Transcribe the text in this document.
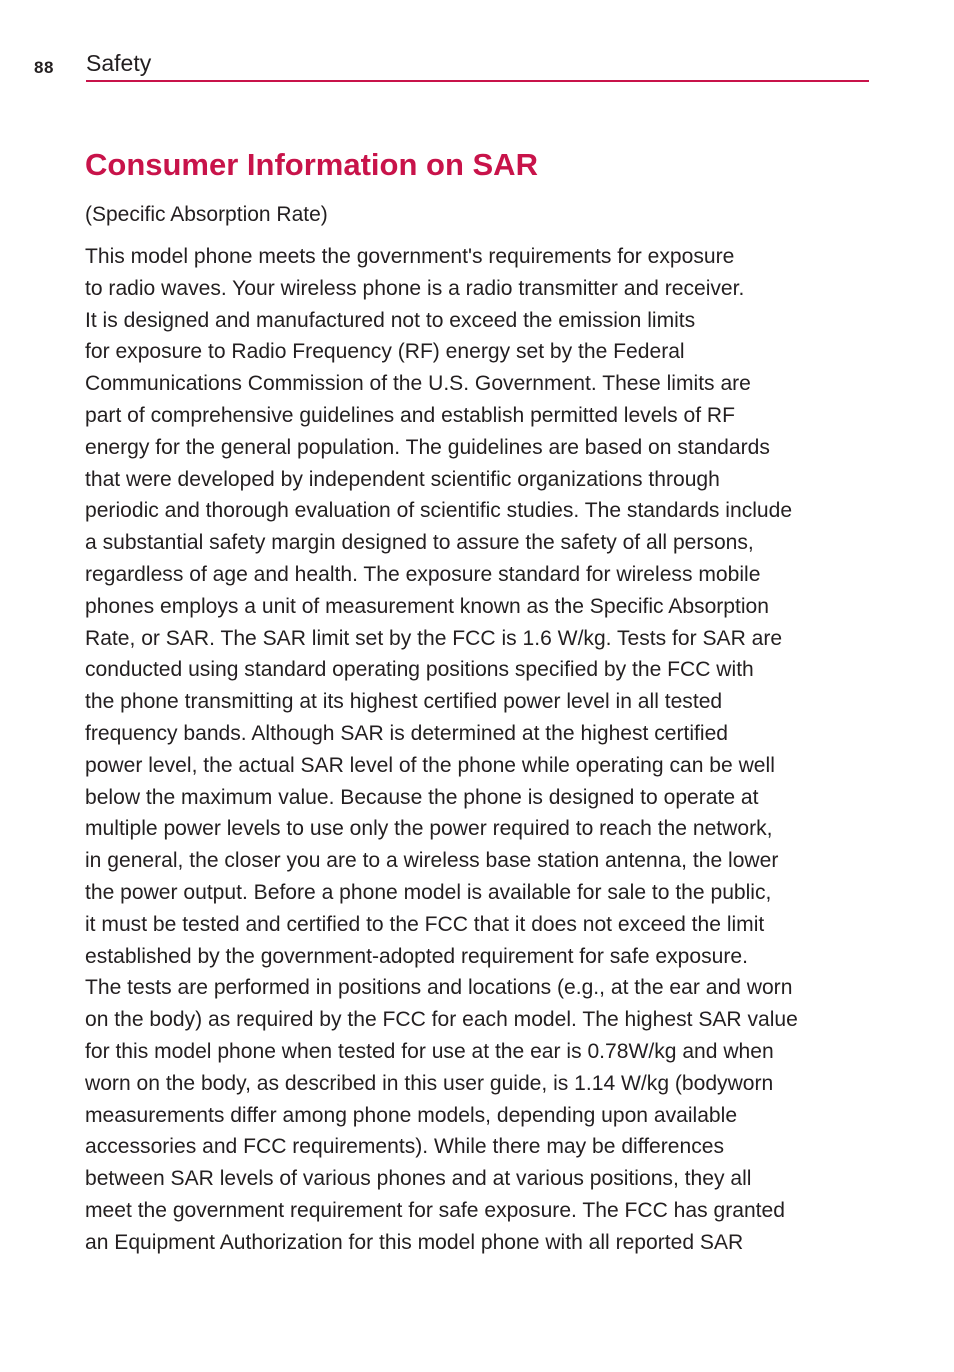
88 Safety
Consumer Information on SAR
(Specific Absorption Rate)
This model phone meets the government's requirements for exposure
to radio waves. Your wireless phone is a radio transmitter and receiver.
It is designed and manufactured not to exceed the emission limits
for exposure to Radio Frequency (RF) energy set by the Federal
Communications Commission of the U.S. Government. These limits are
part of comprehensive guidelines and establish permitted levels of RF
energy for the general population. The guidelines are based on standards
that were developed by independent scientific organizations through
periodic and thorough evaluation of scientific studies. The standards include
a substantial safety margin designed to assure the safety of all persons,
regardless of age and health. The exposure standard for wireless mobile
phones employs a unit of measurement known as the Specific Absorption
Rate, or SAR. The SAR limit set by the FCC is 1.6 W/kg. Tests for SAR are
conducted using standard operating positions specified by the FCC with
the phone transmitting at its highest certified power level in all tested
frequency bands. Although SAR is determined at the highest certified
power level, the actual SAR level of the phone while operating can be well
below the maximum value. Because the phone is designed to operate at
multiple power levels to use only the power required to reach the network,
in general, the closer you are to a wireless base station antenna, the lower
the power output. Before a phone model is available for sale to the public,
it must be tested and certified to the FCC that it does not exceed the limit
established by the government-adopted requirement for safe exposure.
The tests are performed in positions and locations (e.g., at the ear and worn
on the body) as required by the FCC for each model. The highest SAR value
for this model phone when tested for use at the ear is 0.78W/kg and when
worn on the body, as described in this user guide, is 1.14 W/kg (bodyworn
measurements differ among phone models, depending upon available
accessories and FCC requirements). While there may be differences
between SAR levels of various phones and at various positions, they all
meet the government requirement for safe exposure. The FCC has granted
an Equipment Authorization for this model phone with all reported SAR
